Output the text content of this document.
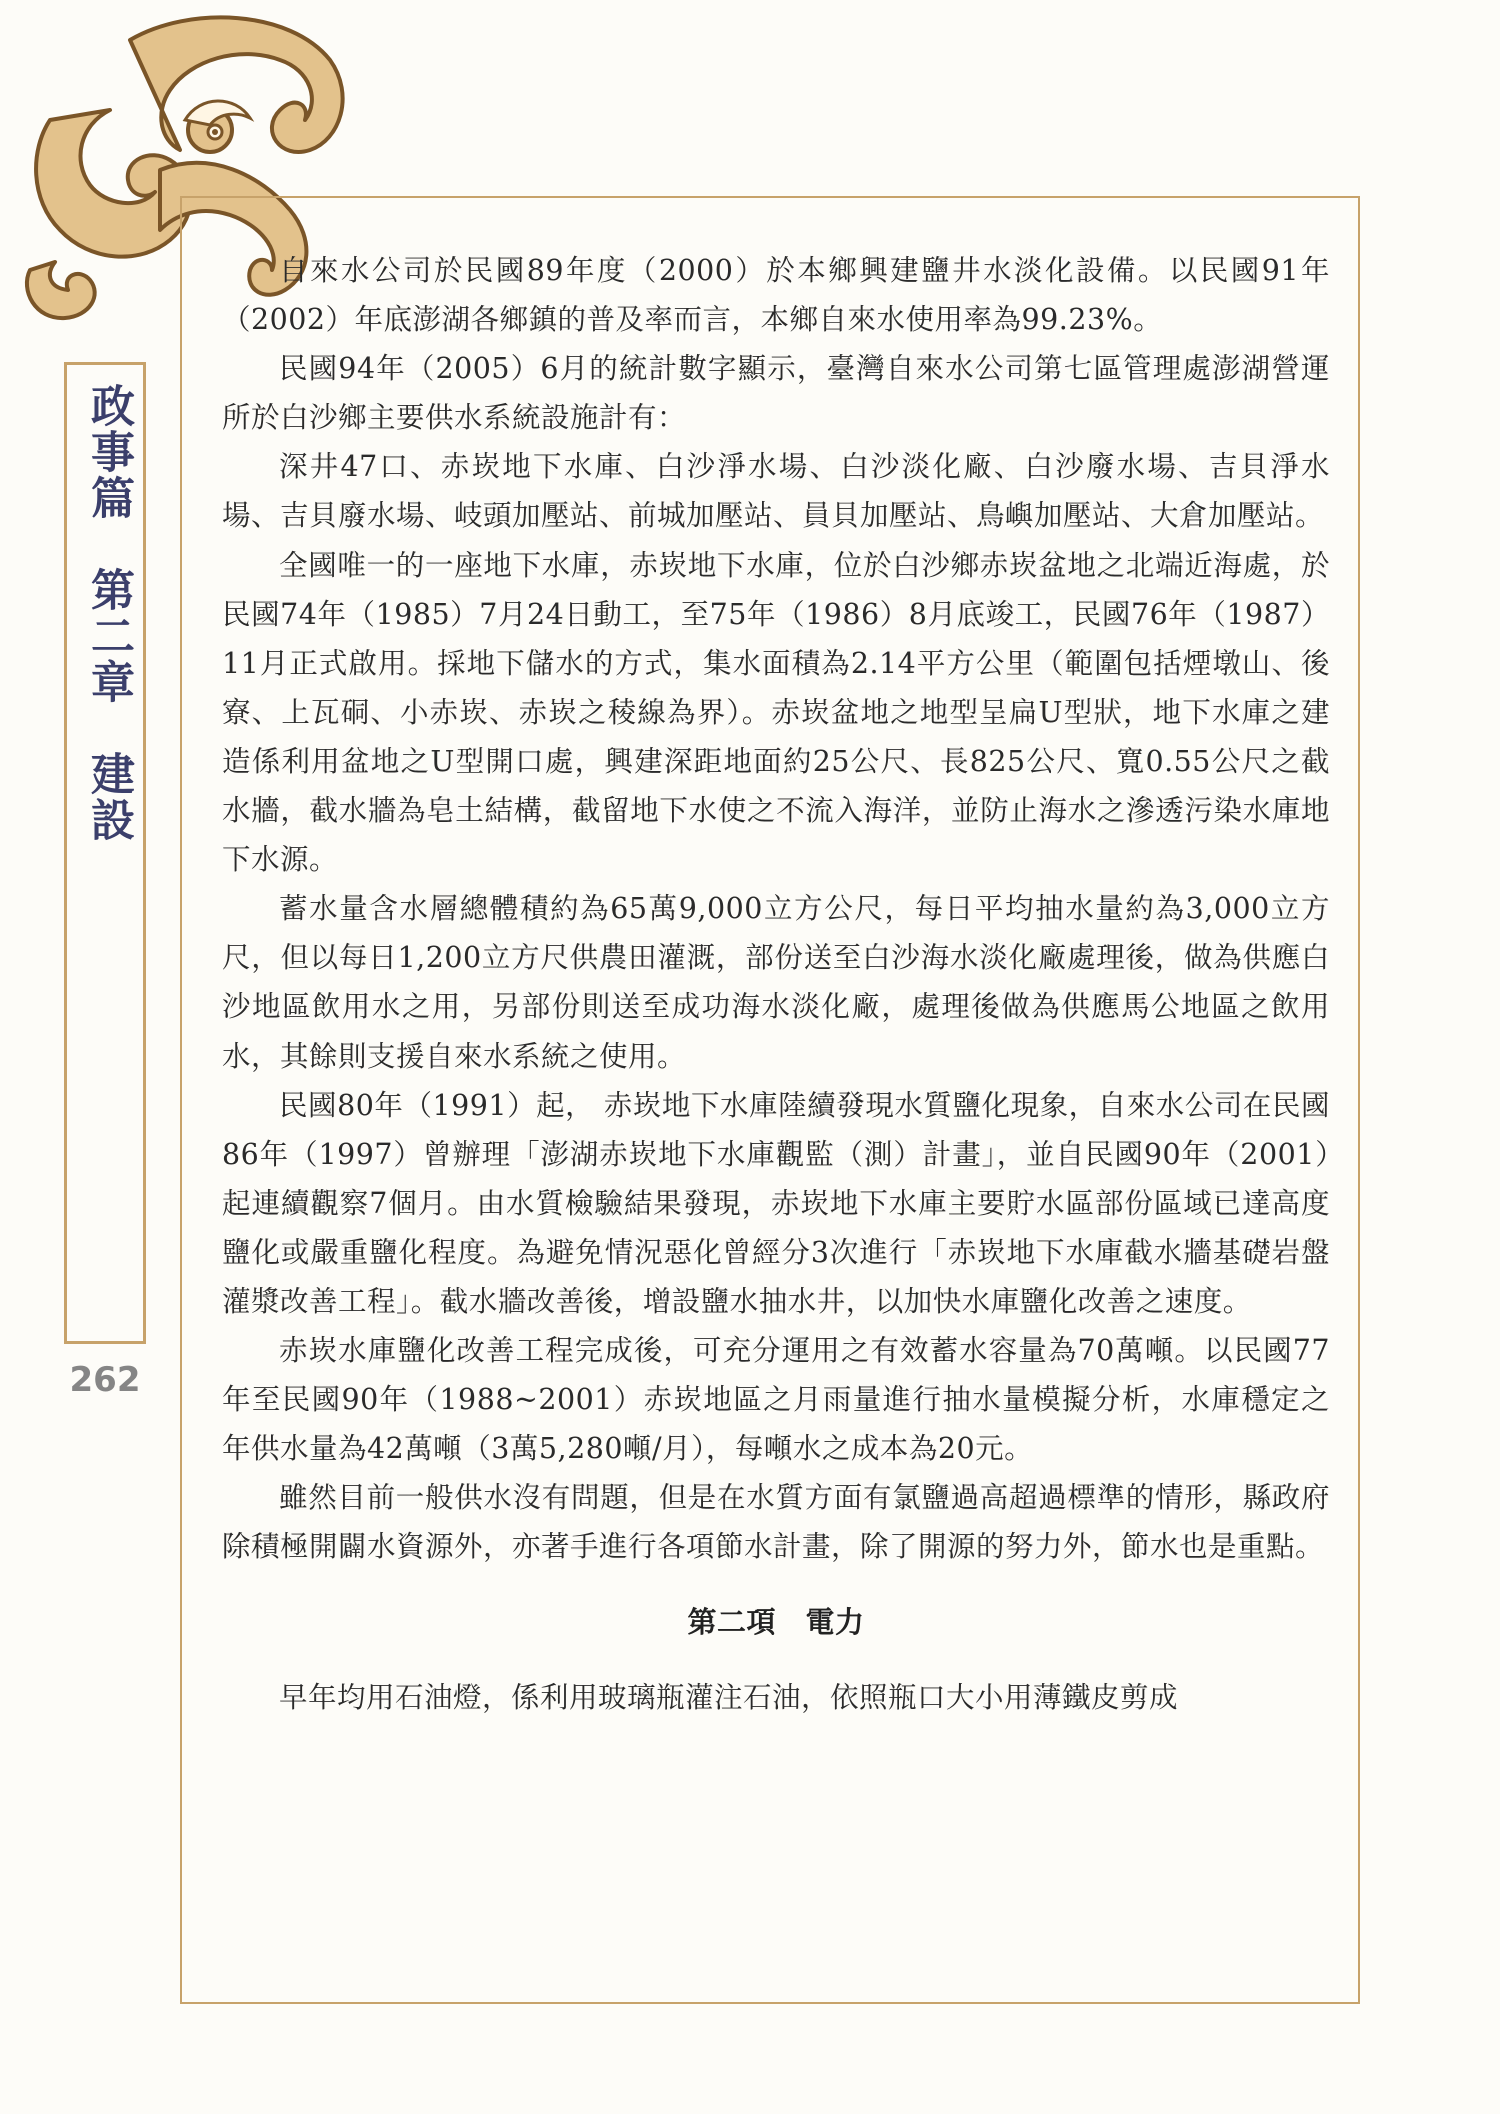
政事篇　第二章　建設
262

自來水公司於民國89年度（2000）於本鄉興建鹽井水淡化設備。以民國91年（2002）年底澎湖各鄉鎮的普及率而言，本鄉自來水使用率為99.23%。

民國94年（2005）6月的統計數字顯示，臺灣自來水公司第七區管理處澎湖營運所於白沙鄉主要供水系統設施計有：

深井47口、赤崁地下水庫、白沙淨水場、白沙淡化廠、白沙廢水場、吉貝淨水場、吉貝廢水場、岐頭加壓站、前城加壓站、員貝加壓站、鳥嶼加壓站、大倉加壓站。

全國唯一的一座地下水庫，赤崁地下水庫，位於白沙鄉赤崁盆地之北端近海處，於民國74年（1985）7月24日動工，至75年（1986）8月底竣工，民國76年（1987）11月正式啟用。採地下儲水的方式，集水面積為2.14平方公里（範圍包括煙墩山、後寮、上瓦硐、小赤崁、赤崁之稜線為界）。赤崁盆地之地型呈扁U型狀，地下水庫之建造係利用盆地之U型開口處，興建深距地面約25公尺、長825公尺、寬0.55公尺之截水牆，截水牆為皂土結構，截留地下水使之不流入海洋，並防止海水之滲透污染水庫地下水源。

蓄水量含水層總體積約為65萬9,000立方公尺，每日平均抽水量約為3,000立方尺，但以每日1,200立方尺供農田灌溉，部份送至白沙海水淡化廠處理後，做為供應白沙地區飲用水之用，另部份則送至成功海水淡化廠，處理後做為供應馬公地區之飲用水，其餘則支援自來水系統之使用。

民國80年（1991）起， 赤崁地下水庫陸續發現水質鹽化現象，自來水公司在民國86年（1997）曾辦理「澎湖赤崁地下水庫觀監（測）計畫」，並自民國90年（2001）起連續觀察7個月。由水質檢驗結果發現，赤崁地下水庫主要貯水區部份區域已達高度鹽化或嚴重鹽化程度。為避免情況惡化曾經分3次進行「赤崁地下水庫截水牆基礎岩盤灌漿改善工程」。截水牆改善後，增設鹽水抽水井，以加快水庫鹽化改善之速度。

赤崁水庫鹽化改善工程完成後，可充分運用之有效蓄水容量為70萬噸。以民國77年至民國90年（1988~2001）赤崁地區之月雨量進行抽水量模擬分析，水庫穩定之年供水量為42萬噸（3萬5,280噸/月），每噸水之成本為20元。

雖然目前一般供水沒有問題，但是在水質方面有氯鹽過高超過標準的情形，縣政府除積極開闢水資源外，亦著手進行各項節水計畫，除了開源的努力外，節水也是重點。

第二項　電力

早年均用石油燈，係利用玻璃瓶灌注石油，依照瓶口大小用薄鐵皮剪成
